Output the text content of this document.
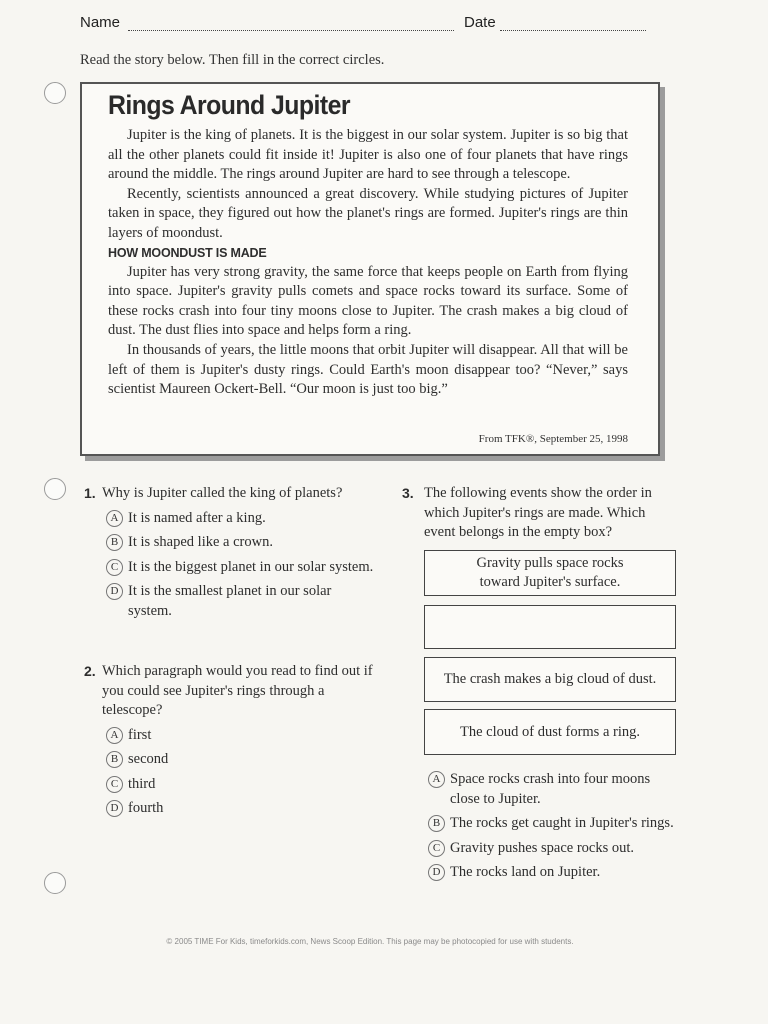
Name	Date
Read the story below. Then fill in the correct circles.
Rings Around Jupiter

Jupiter is the king of planets. It is the biggest in our solar system. Jupiter is so big that all the other planets could fit inside it! Jupiter is also one of four planets that have rings around the middle. The rings around Jupiter are hard to see through a telescope.

Recently, scientists announced a great discovery. While studying pictures of Jupiter taken in space, they figured out how the planet's rings are formed. Jupiter's rings are thin layers of moondust.

HOW MOONDUST IS MADE

Jupiter has very strong gravity, the same force that keeps people on Earth from flying into space. Jupiter's gravity pulls comets and space rocks toward its surface. Some of these rocks crash into four tiny moons close to Jupiter. The crash makes a big cloud of dust. The dust flies into space and helps form a ring.

In thousands of years, the little moons that orbit Jupiter will disappear. All that will be left of them is Jupiter's dusty rings. Could Earth's moon disappear too? “Never,” says scientist Maureen Ockert-Bell. “Our moon is just too big.”

From TFK®, September 25, 1998
1. Why is Jupiter called the king of planets?
A It is named after a king.
B It is shaped like a crown.
C It is the biggest planet in our solar system.
D It is the smallest planet in our solar system.
2. Which paragraph would you read to find out if you could see Jupiter's rings through a telescope?
A first
B second
C third
D fourth
3. The following events show the order in which Jupiter's rings are made. Which event belongs in the empty box?
Gravity pulls space rocks toward Jupiter's surface.
The crash makes a big cloud of dust.
The cloud of dust forms a ring.
A Space rocks crash into four moons close to Jupiter.
B The rocks get caught in Jupiter's rings.
C Gravity pushes space rocks out.
D The rocks land on Jupiter.
© 2005 TIME For Kids, timeforkids.com, News Scoop Edition. This page may be photocopied for use with students.
